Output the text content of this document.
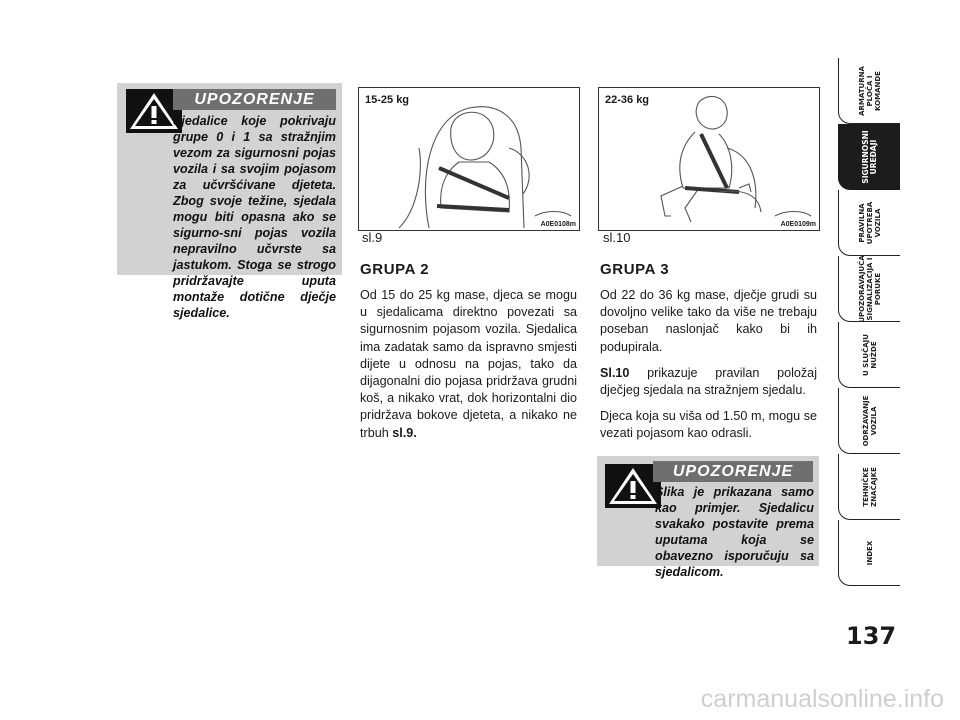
UPOZORENJE

Sjedalice koje pokrivaju grupe 0 i 1 sa stražnjim vezom za sigurnosni pojas vozila i sa svojim pojasom za učvršćivane djeteta. Zbog svoje težine, sjedala mogu biti opasna ako se sigurno-sni pojas vozila nepravilno učvrste sa jastukom. Stoga se strogo pridržavajte uputa montaže dotične dječje sjedalice.

15-25 kg
A0E0108m
sl.9
22-36 kg
A0E0109m
sl.10
GRUPA 2

Od 15 do 25 kg mase, djeca se mogu u sjedalicama direktno povezati sa sigurnosnim pojasom vozila. Sjedalica ima zadatak samo da ispravno smjesti dijete u odnosu na pojas, tako da dijagonalni dio pojasa pridržava grudni koš, a nikako vrat, dok horizontalni dio pridržava bokove djeteta, a nikako ne trbuh sl.9.

GRUPA 3

Od 22 do 36 kg mase, dječje grudi su dovoljno velike tako da više ne trebaju poseban naslonjač kako bi ih podupirala.

Sl.10 prikazuje pravilan položaj dječjeg sjedala na stražnjem sjedalu.

Djeca koja su viša od 1.50 m, mogu se vezati pojasom kao odrasli.

UPOZORENJE

Slika je prikazana samo kao primjer. Sjedalicu svakako postavite prema uputama koja se obavezno isporučuju sa sjedalicom.

ARMATURNA
PLOČA I
KOMANDE
SIGURNOSNI
UREĐAJI
PRAVILNA
UPOTREBA
VOZILA
UPOZORAVAJUĆA
SIGNALIZACIJA I
PORUKE
U SLUČAJU
NUŽDE
ODRŽAVANJE
VOZILA
TEHNIČKE
ZNAČAJKE
INDEX
137
carmanualsonline.info
